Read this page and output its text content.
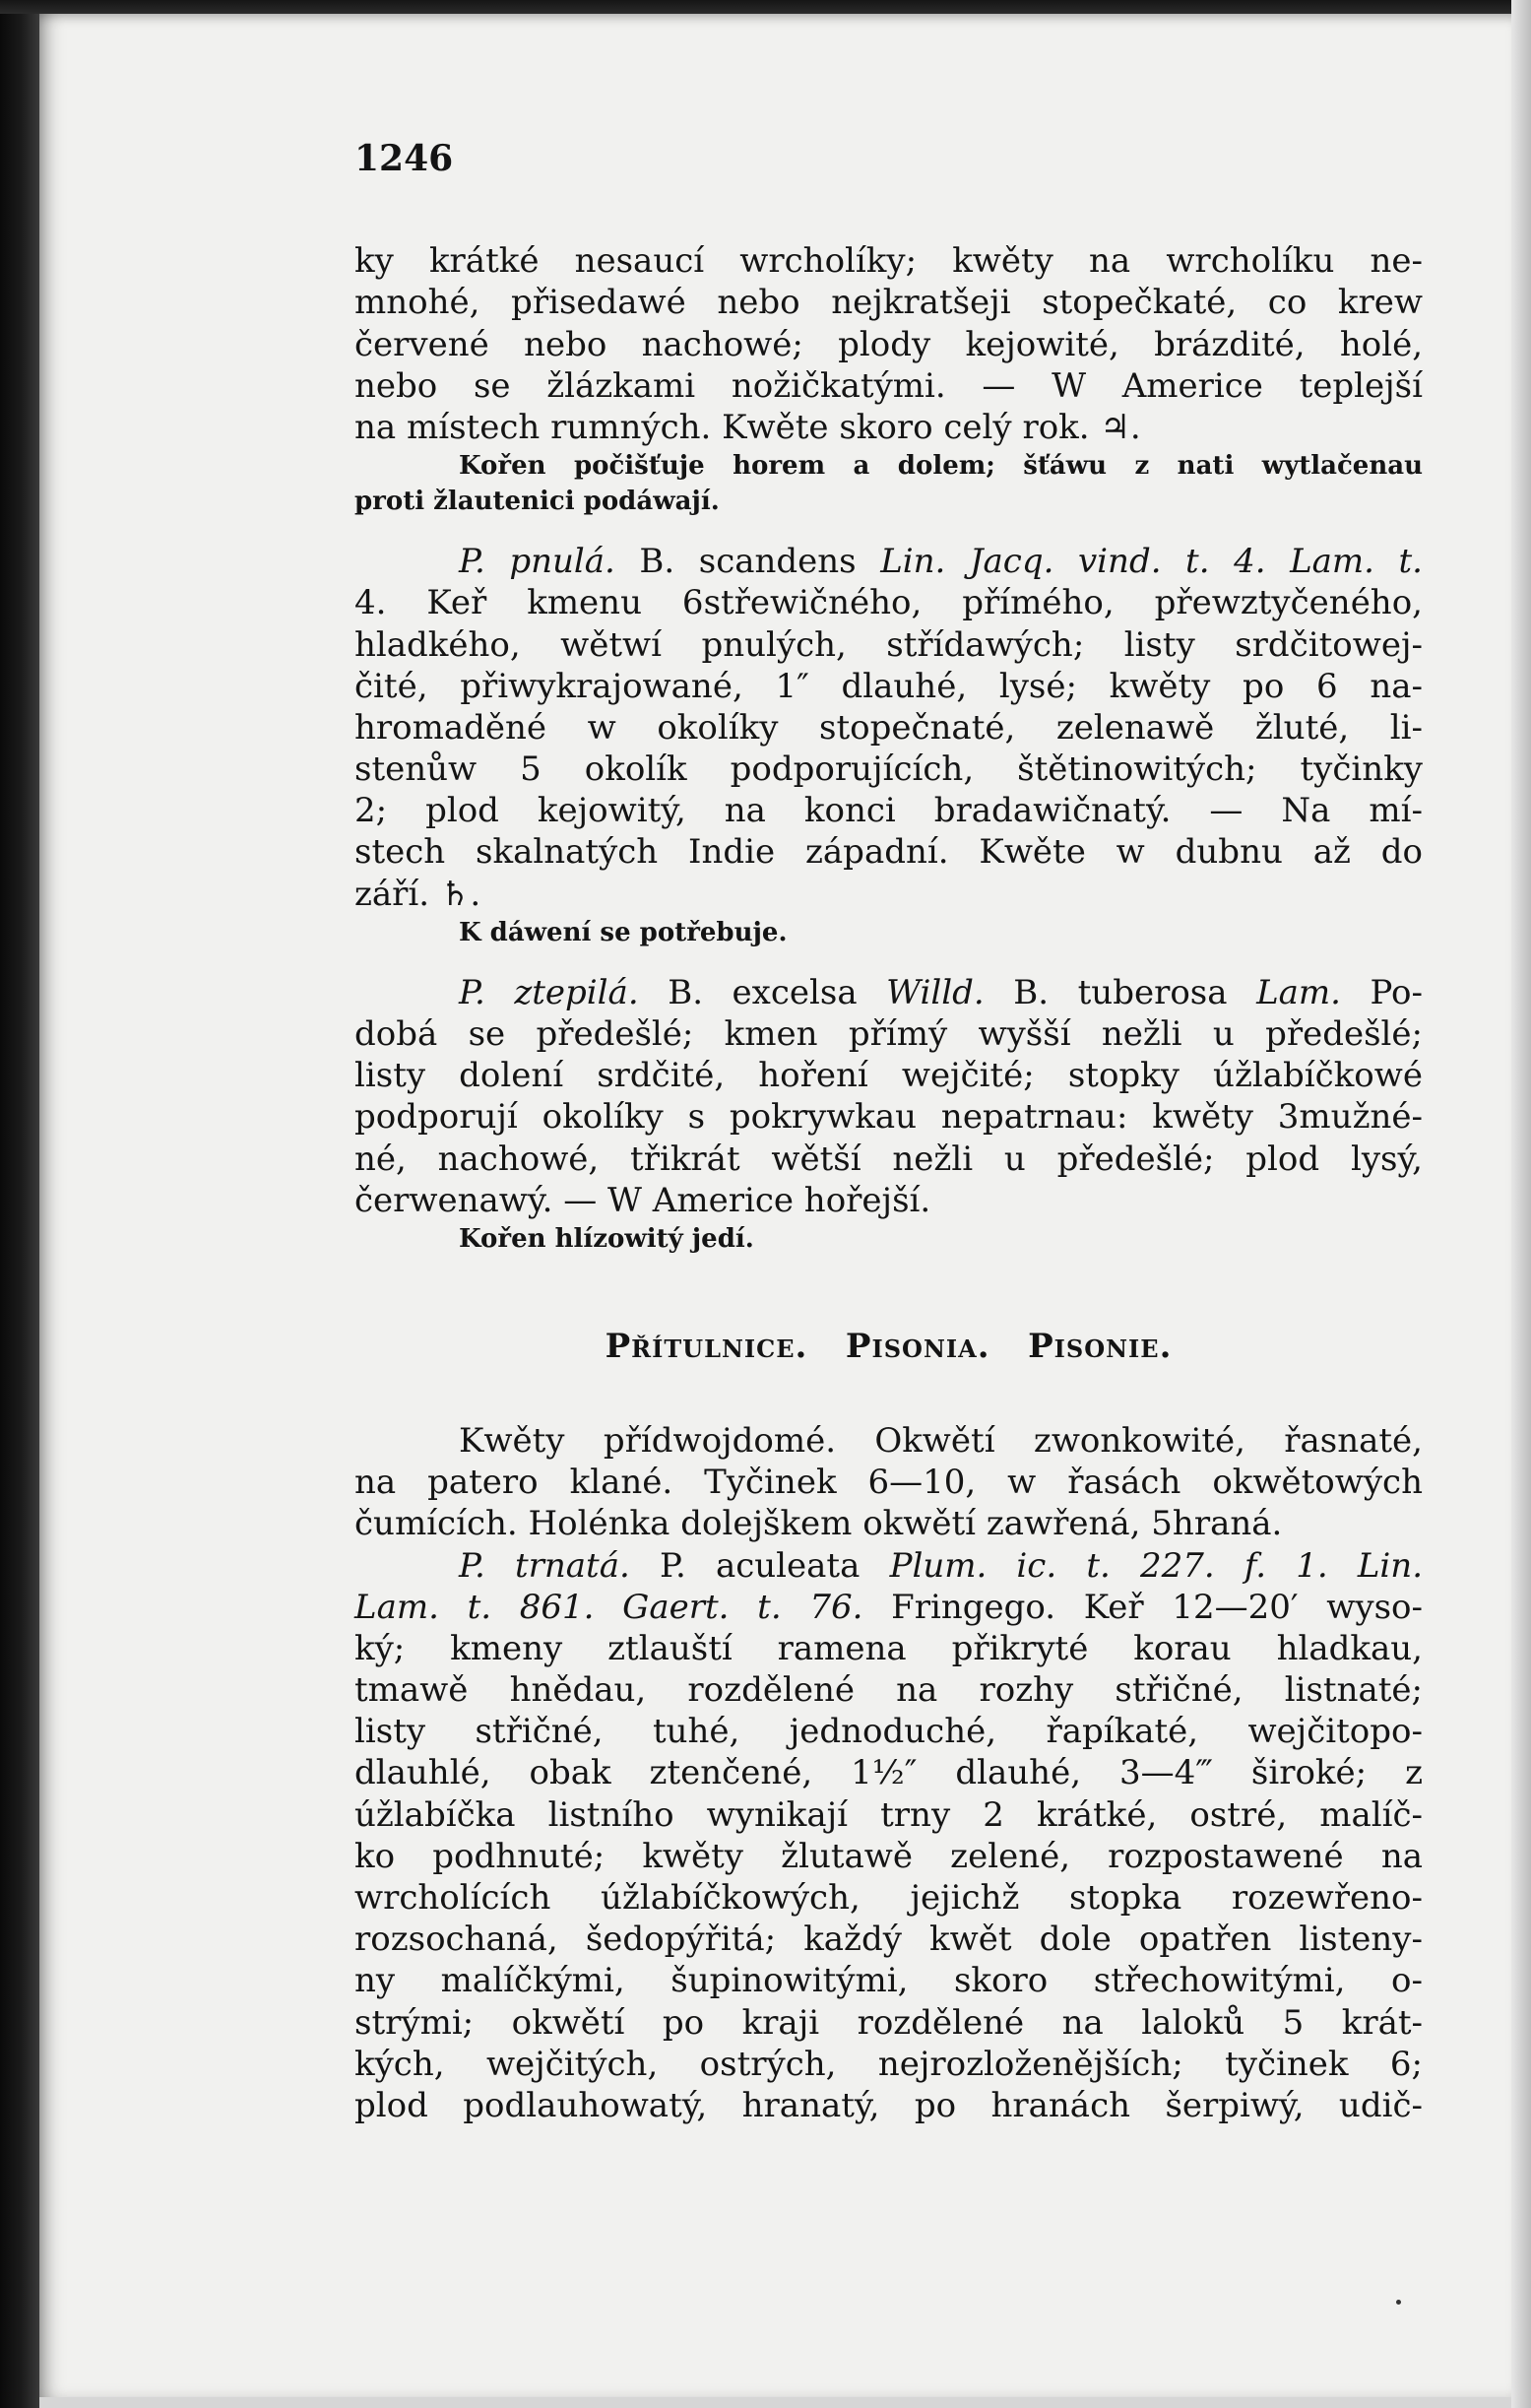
1246
ky krátké nesaucí wrcholíky; kwěty na wrcholíku ne-
mnohé, přisedawé nebo nejkratšeji stopečkaté, co krew
červené nebo nachowé; plody kejowité, brázdité, holé,
nebo se žlázkami nožičkatými. — W Americe teplejší
na místech rumných. Kwěte skoro celý rok. ♃.
Kořen počišťuje horem a dolem; šťáwu z nati wytlačenau
proti žlautenici podáwají.
P. pnulá. B. scandens Lin. Jacq. vind. t. 4. Lam. t.
4. Keř kmenu 6střewičného, přímého, přewztyčeného,
hladkého, wětwí pnulých, střídawých; listy srdčitowej-
čité, přiwykrajowané, 1″ dlauhé, lysé; kwěty po 6 na-
hromaděné w okolíky stopečnaté, zelenawě žluté, li-
stenůw 5 okolík podporujících, štětinowitých; tyčinky
2; plod kejowitý, na konci bradawičnatý. — Na mí-
stech skalnatých Indie západní. Kwěte w dubnu až do
září. ♄.
K dáwení se potřebuje.
P. ztepilá. B. excelsa Willd. B. tuberosa Lam. Po-
dobá se předešlé; kmen přímý wyšší nežli u předešlé;
listy dolení srdčité, hoření wejčité; stopky úžlabíčkowé
podporují okolíky s pokrywkau nepatrnau: kwěty 3mužné-
né, nachowé, třikrát wětší nežli u předešlé; plod lysý,
čerwenawý. — W Americe hořejší.
Kořen hlízowitý jedí.
Přítulnice. Pisonia. Pisonie.
Kwěty přídwojdomé. Okwětí zwonkowité, řasnaté,
na patero klané. Tyčinek 6—10, w řasách okwětowých
čumících. Holénka dolejškem okwětí zawřená, 5hraná.
P. trnatá. P. aculeata Plum. ic. t. 227. f. 1. Lin.
Lam. t. 861. Gaert. t. 76. Fringego. Keř 12—20′ wyso-
ký; kmeny ztlauští ramena přikryté korau hladkau,
tmawě hnědau, rozdělené na rozhy střičné, listnaté;
listy střičné, tuhé, jednoduché, řapíkaté, wejčitopo-
dlauhlé, obak ztenčené, 1½″ dlauhé, 3—4‴ široké; z
úžlabíčka listního wynikají trny 2 krátké, ostré, malíč-
ko podhnuté; kwěty žlutawě zelené, rozpostawené na
wrcholících úžlabíčkowých, jejichž stopka rozewřeno-
rozsochaná, šedopýřitá; každý kwět dole opatřen listeny-
ny malíčkými, šupinowitými, skoro střechowitými, o-
strými; okwětí po kraji rozdělené na laloků 5 krát-
kých, wejčitých, ostrých, nejrozloženějších; tyčinek 6;
plod podlauhowatý, hranatý, po hranách šerpiwý, udič-
